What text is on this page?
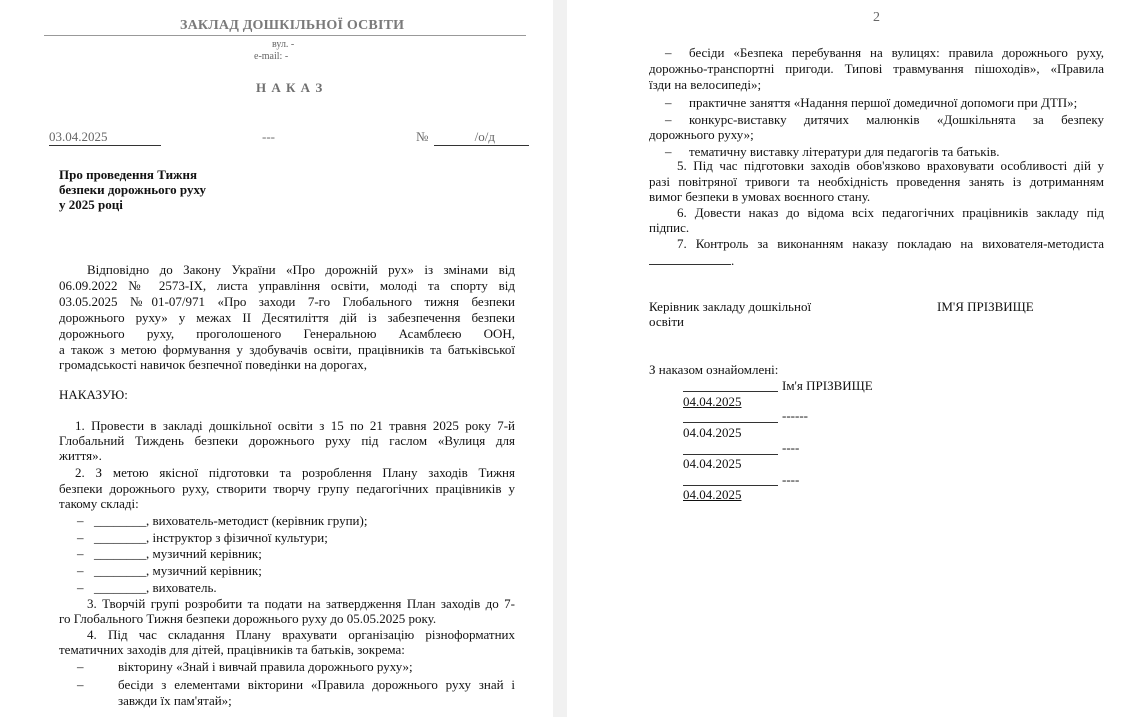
ЗАКЛАД ДОШКІЛЬНОЇ ОСВІТИ
вул. -
e-mail: -
Н А К А З
03.04.2025	---	№	/о/д
Про проведення Тижня
безпеки дорожнього руху
у 2025 році
Відповідно до Закону України «Про дорожній рух» із змінами від
06.09.2022 № 2573-IX, листа управління освіти, молоді та спорту від
03.05.2025 №01-07/971 «Про заходи 7-го Глобального тижня безпеки
дорожнього руху» у межах II Десятиліття дій із забезпечення безпеки
дорожнього руху, проголошеного Генеральною Асамблеєю ООН,
а також з метою формування у здобувачів освіти, працівників та батьківської
громадськості навичок безпечної поведінки на дорогах,
НАКАЗУЮ:
1. Провести в закладі дошкільної освіти з 15 по 21 травня 2025 року 7-й
Глобальний Тиждень безпеки дорожнього руху під гаслом «Вулиця для
життя».
2. З метою якісної підготовки та розроблення Плану заходів Тижня
безпеки дорожнього руху, створити творчу групу педагогічних працівників у
такому складі:
– ________, вихователь-методист (керівник групи);
– ________, інструктор з фізичної культури;
– ________, музичний керівник;
– ________, музичний керівник;
– ________, вихователь.
3. Творчій групі розробити та подати на затвердження План заходів до 7-
го Глобального Тижня безпеки дорожнього руху до 05.05.2025 року.
4. Під час складання Плану врахувати організацію різноформатних
тематичних заходів для дітей, працівників та батьків, зокрема:
–	вікторину «Знай і вивчай правила дорожнього руху»;
–	бесіди з елементами вікторини «Правила дорожнього руху знай і
завжди їх пам'ятай»;
2
– бесіди «Безпека перебування на вулицях: правила дорожнього руху,
дорожньо-транспортні пригоди. Типові травмування пішоходів», «Правила
їзди на велосипеді»;
– практичне заняття «Надання першої домедичної допомоги при ДТП»;
– конкурс-виставку дитячих малюнків «Дошкільнята за безпеку
дорожнього руху»;
– тематичну виставку літератури для педагогів та батьків.
5. Під час підготовки заходів обов'язково враховувати особливості дій у
разі повітряної тривоги та необхідність проведення занять із дотриманням
вимог безпеки в умовах воєнного стану.
6. Довести наказ до відома всіх педагогічних працівників закладу під
підпис.
7. Контроль за виконанням наказу покладаю на вихователя-методиста
.
Керівник закладу дошкільної
освіти
ІМ'Я ПРІЗВИЩЕ
З наказом ознайомлені:
Ім'я ПРІЗВИЩЕ
04.04.2025
------
04.04.2025
----
04.04.2025
----
04.04.2025
